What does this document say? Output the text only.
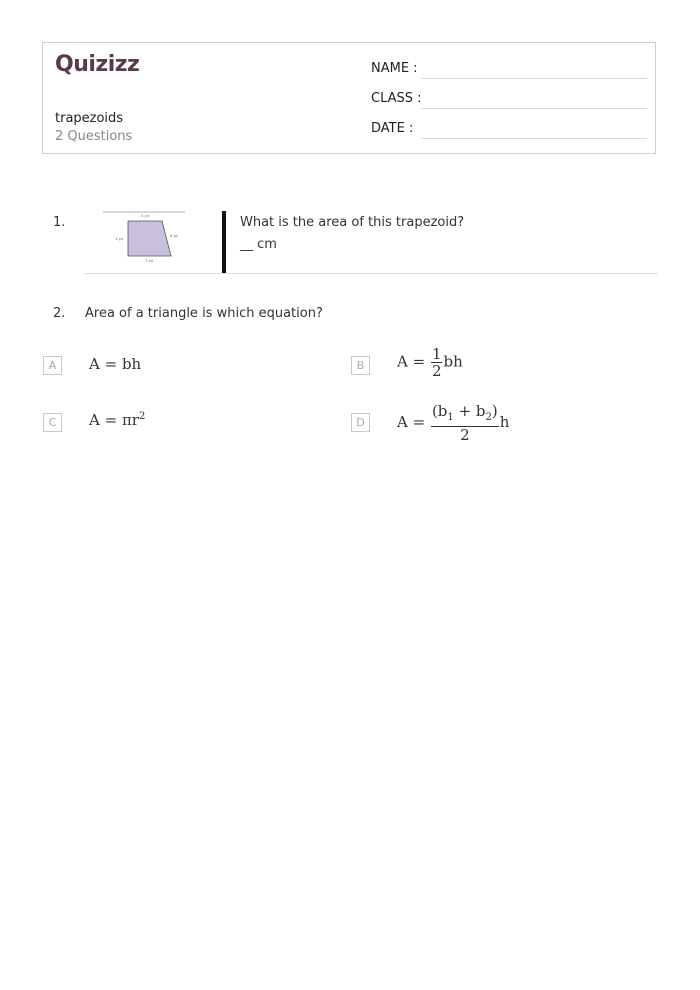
Quizizz
trapezoids
2 Questions
NAME :
CLASS :
DATE :
1.	4 yd
4 yd
6 yd
7 yd
What is the area of this trapezoid?
__ cm
2. Area of a triangle is which equation?
A	A = bh	B	$A = \frac{1}{2}$ bh
C	$A = \pi r^2$	D	$A = \frac{(b_1 + b_2)}{2}$ h
